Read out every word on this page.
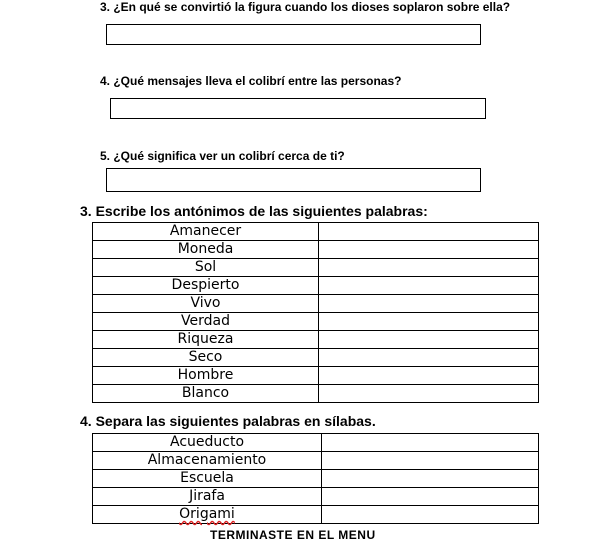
3. ¿En qué se convirtió la figura cuando los dioses soplaron sobre ella?
4. ¿Qué mensajes lleva el colibrí entre las personas?
5. ¿Qué significa ver un colibrí cerca de ti?
3. Escribe los antónimos de las siguientes palabras:
Amanecer	
Moneda	
Sol	
Despierto	
Vivo	
Verdad	
Riqueza	
Seco	
Hombre	
Blanco	
4. Separa las siguientes palabras en sílabas.
Acueducto	
Almacenamiento	
Escuela	
Jirafa	
Origami	
TERMINASTE EN EL MENU
